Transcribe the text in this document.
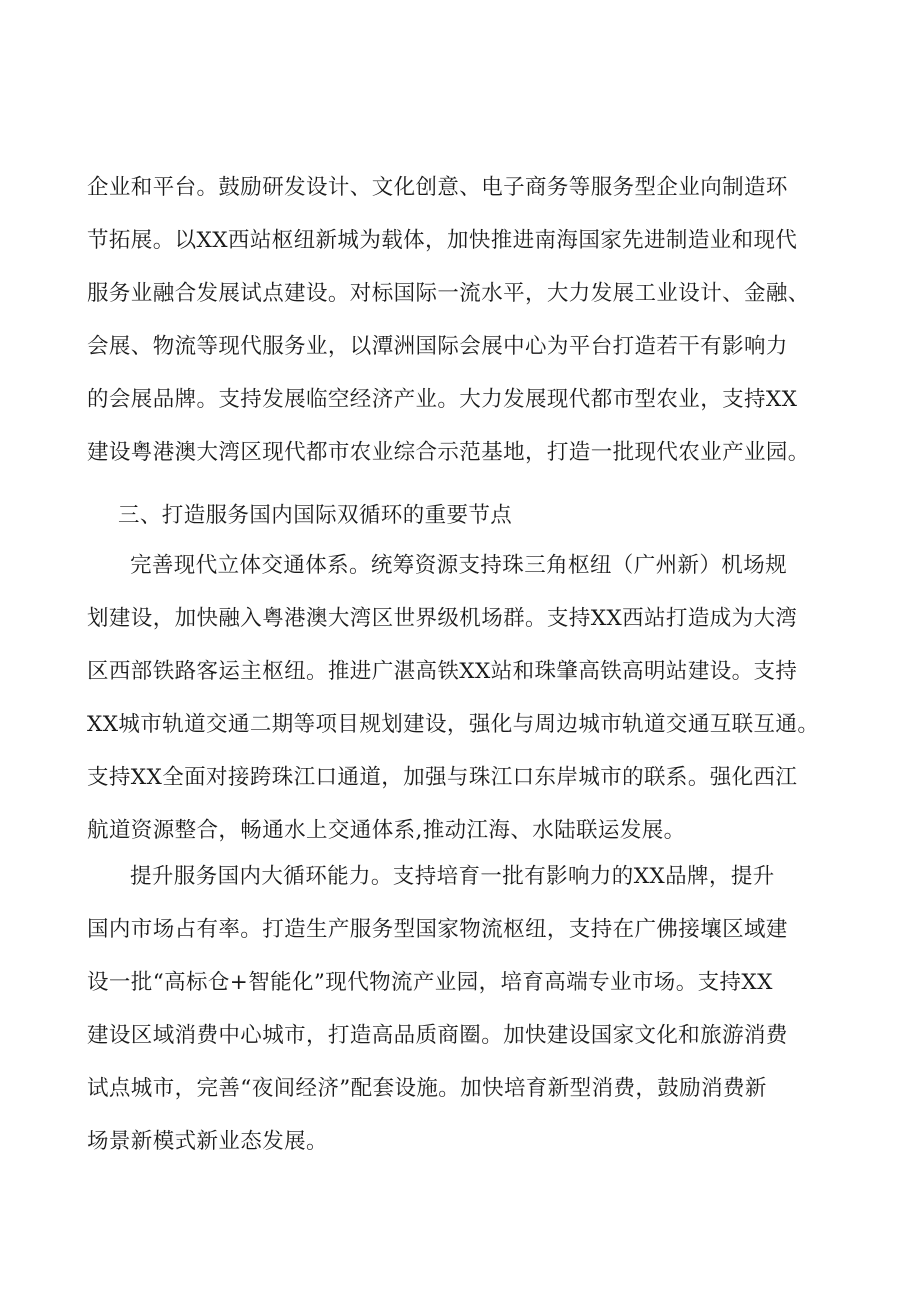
企业和平台。鼓励研发设计、文化创意、电子商务等服务型企业向制造环
节拓展。以XX西站枢纽新城为载体，加快推进南海国家先进制造业和现代
服务业融合发展试点建设。对标国际一流水平，大力发展工业设计、金融、
会展、物流等现代服务业，以潭洲国际会展中心为平台打造若干有影响力
的会展品牌。支持发展临空经济产业。大力发展现代都市型农业，支持XX
建设粤港澳大湾区现代都市农业综合示范基地，打造一批现代农业产业园。
三、打造服务国内国际双循环的重要节点
完善现代立体交通体系。统筹资源支持珠三角枢纽（广州新）机场规
划建设，加快融入粤港澳大湾区世界级机场群。支持XX西站打造成为大湾
区西部铁路客运主枢纽。推进广湛高铁XX站和珠肇高铁高明站建设。支持
XX城市轨道交通二期等项目规划建设，强化与周边城市轨道交通互联互通。
支持XX全面对接跨珠江口通道，加强与珠江口东岸城市的联系。强化西江
航道资源整合，畅通水上交通体系,推动江海、水陆联运发展。
提升服务国内大循环能力。支持培育一批有影响力的XX品牌，提升
国内市场占有率。打造生产服务型国家物流枢纽，支持在广佛接壤区域建
设一批“高标仓+智能化”现代物流产业园，培育高端专业市场。支持XX
建设区域消费中心城市，打造高品质商圈。加快建设国家文化和旅游消费
试点城市，完善“夜间经济”配套设施。加快培育新型消费，鼓励消费新
场景新模式新业态发展。
